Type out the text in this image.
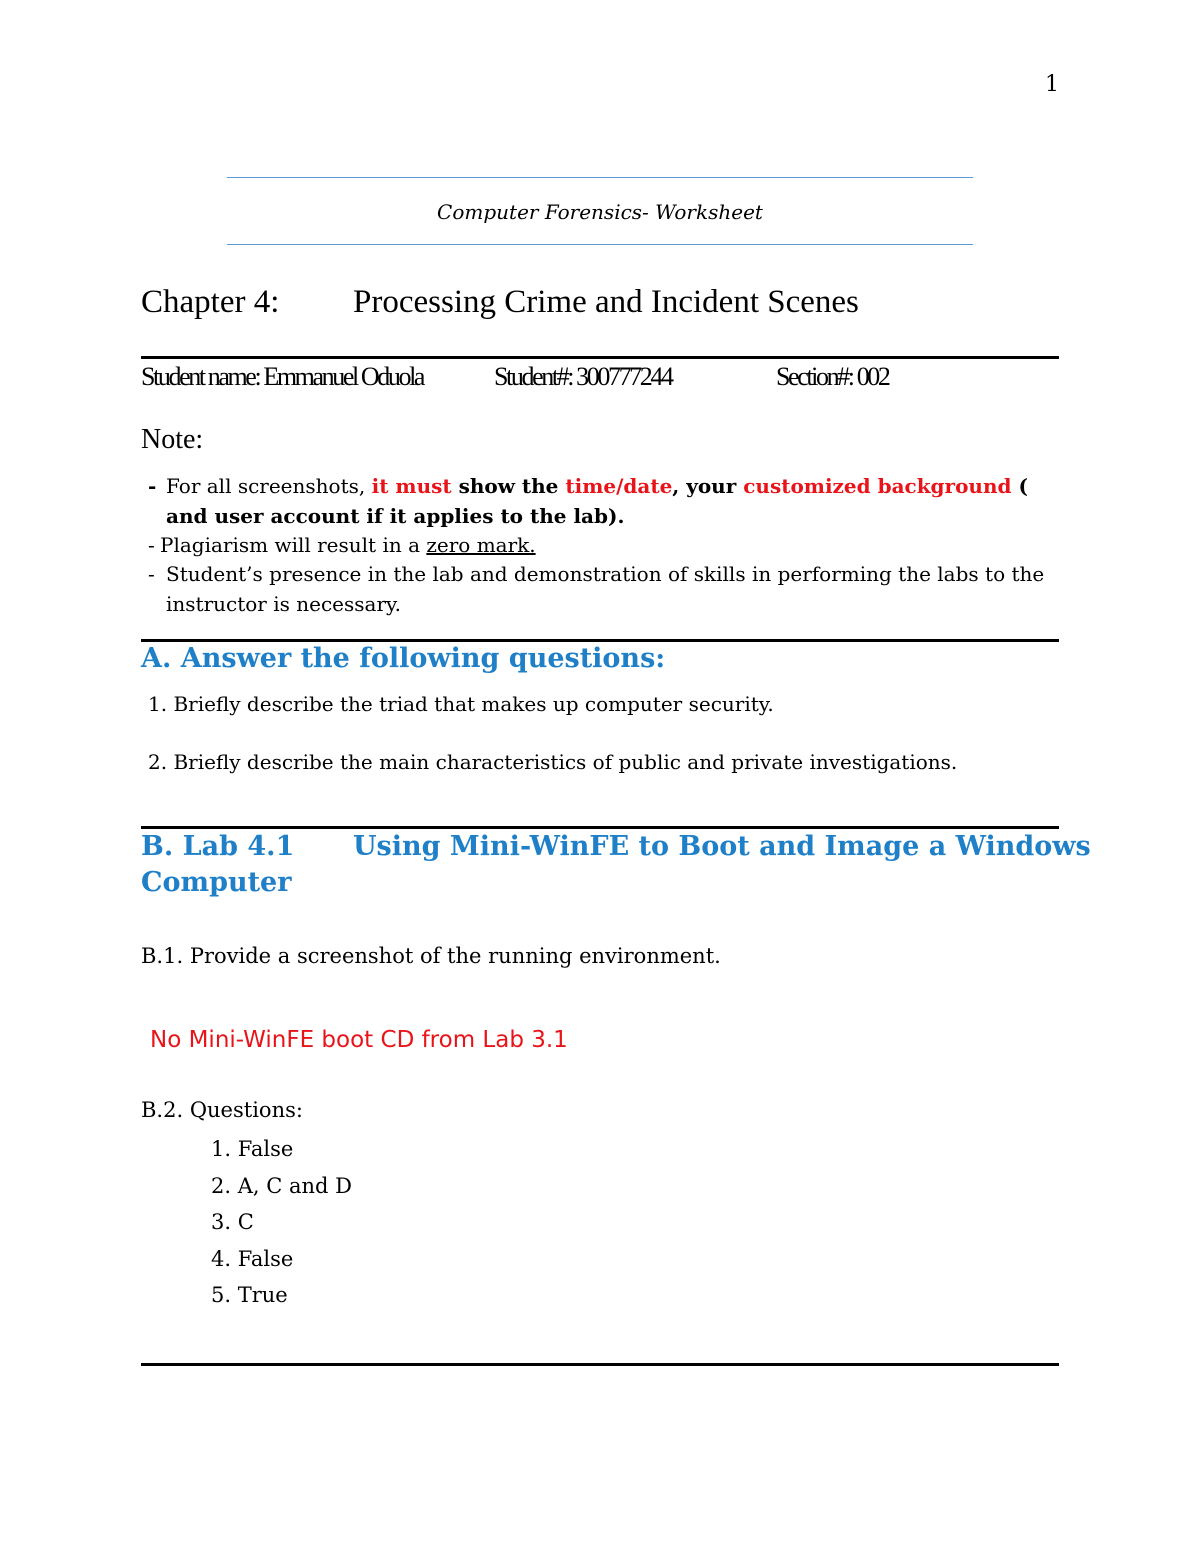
1
Computer Forensics- Worksheet
Chapter 4: Processing Crime and Incident Scenes
Student name: Emmanuel Oduola	Student#: 300777244	Section#: 002
Note:
- For all screenshots, it must show the time/date, your customized background ( and user account if it applies to the lab).
- Plagiarism will result in a zero mark.
- Student’s presence in the lab and demonstration of skills in performing the labs to the instructor is necessary.
A. Answer the following questions:
1. Briefly describe the triad that makes up computer security.
2. Briefly describe the main characteristics of public and private investigations.
B. Lab 4.1 Using Mini-WinFE to Boot and Image a Windows

Computer
B.1. Provide a screenshot of the running environment.
No Mini-WinFE boot CD from Lab 3.1
B.2. Questions:
1. False
2. A, C and D
3. C
4. False
5. True
